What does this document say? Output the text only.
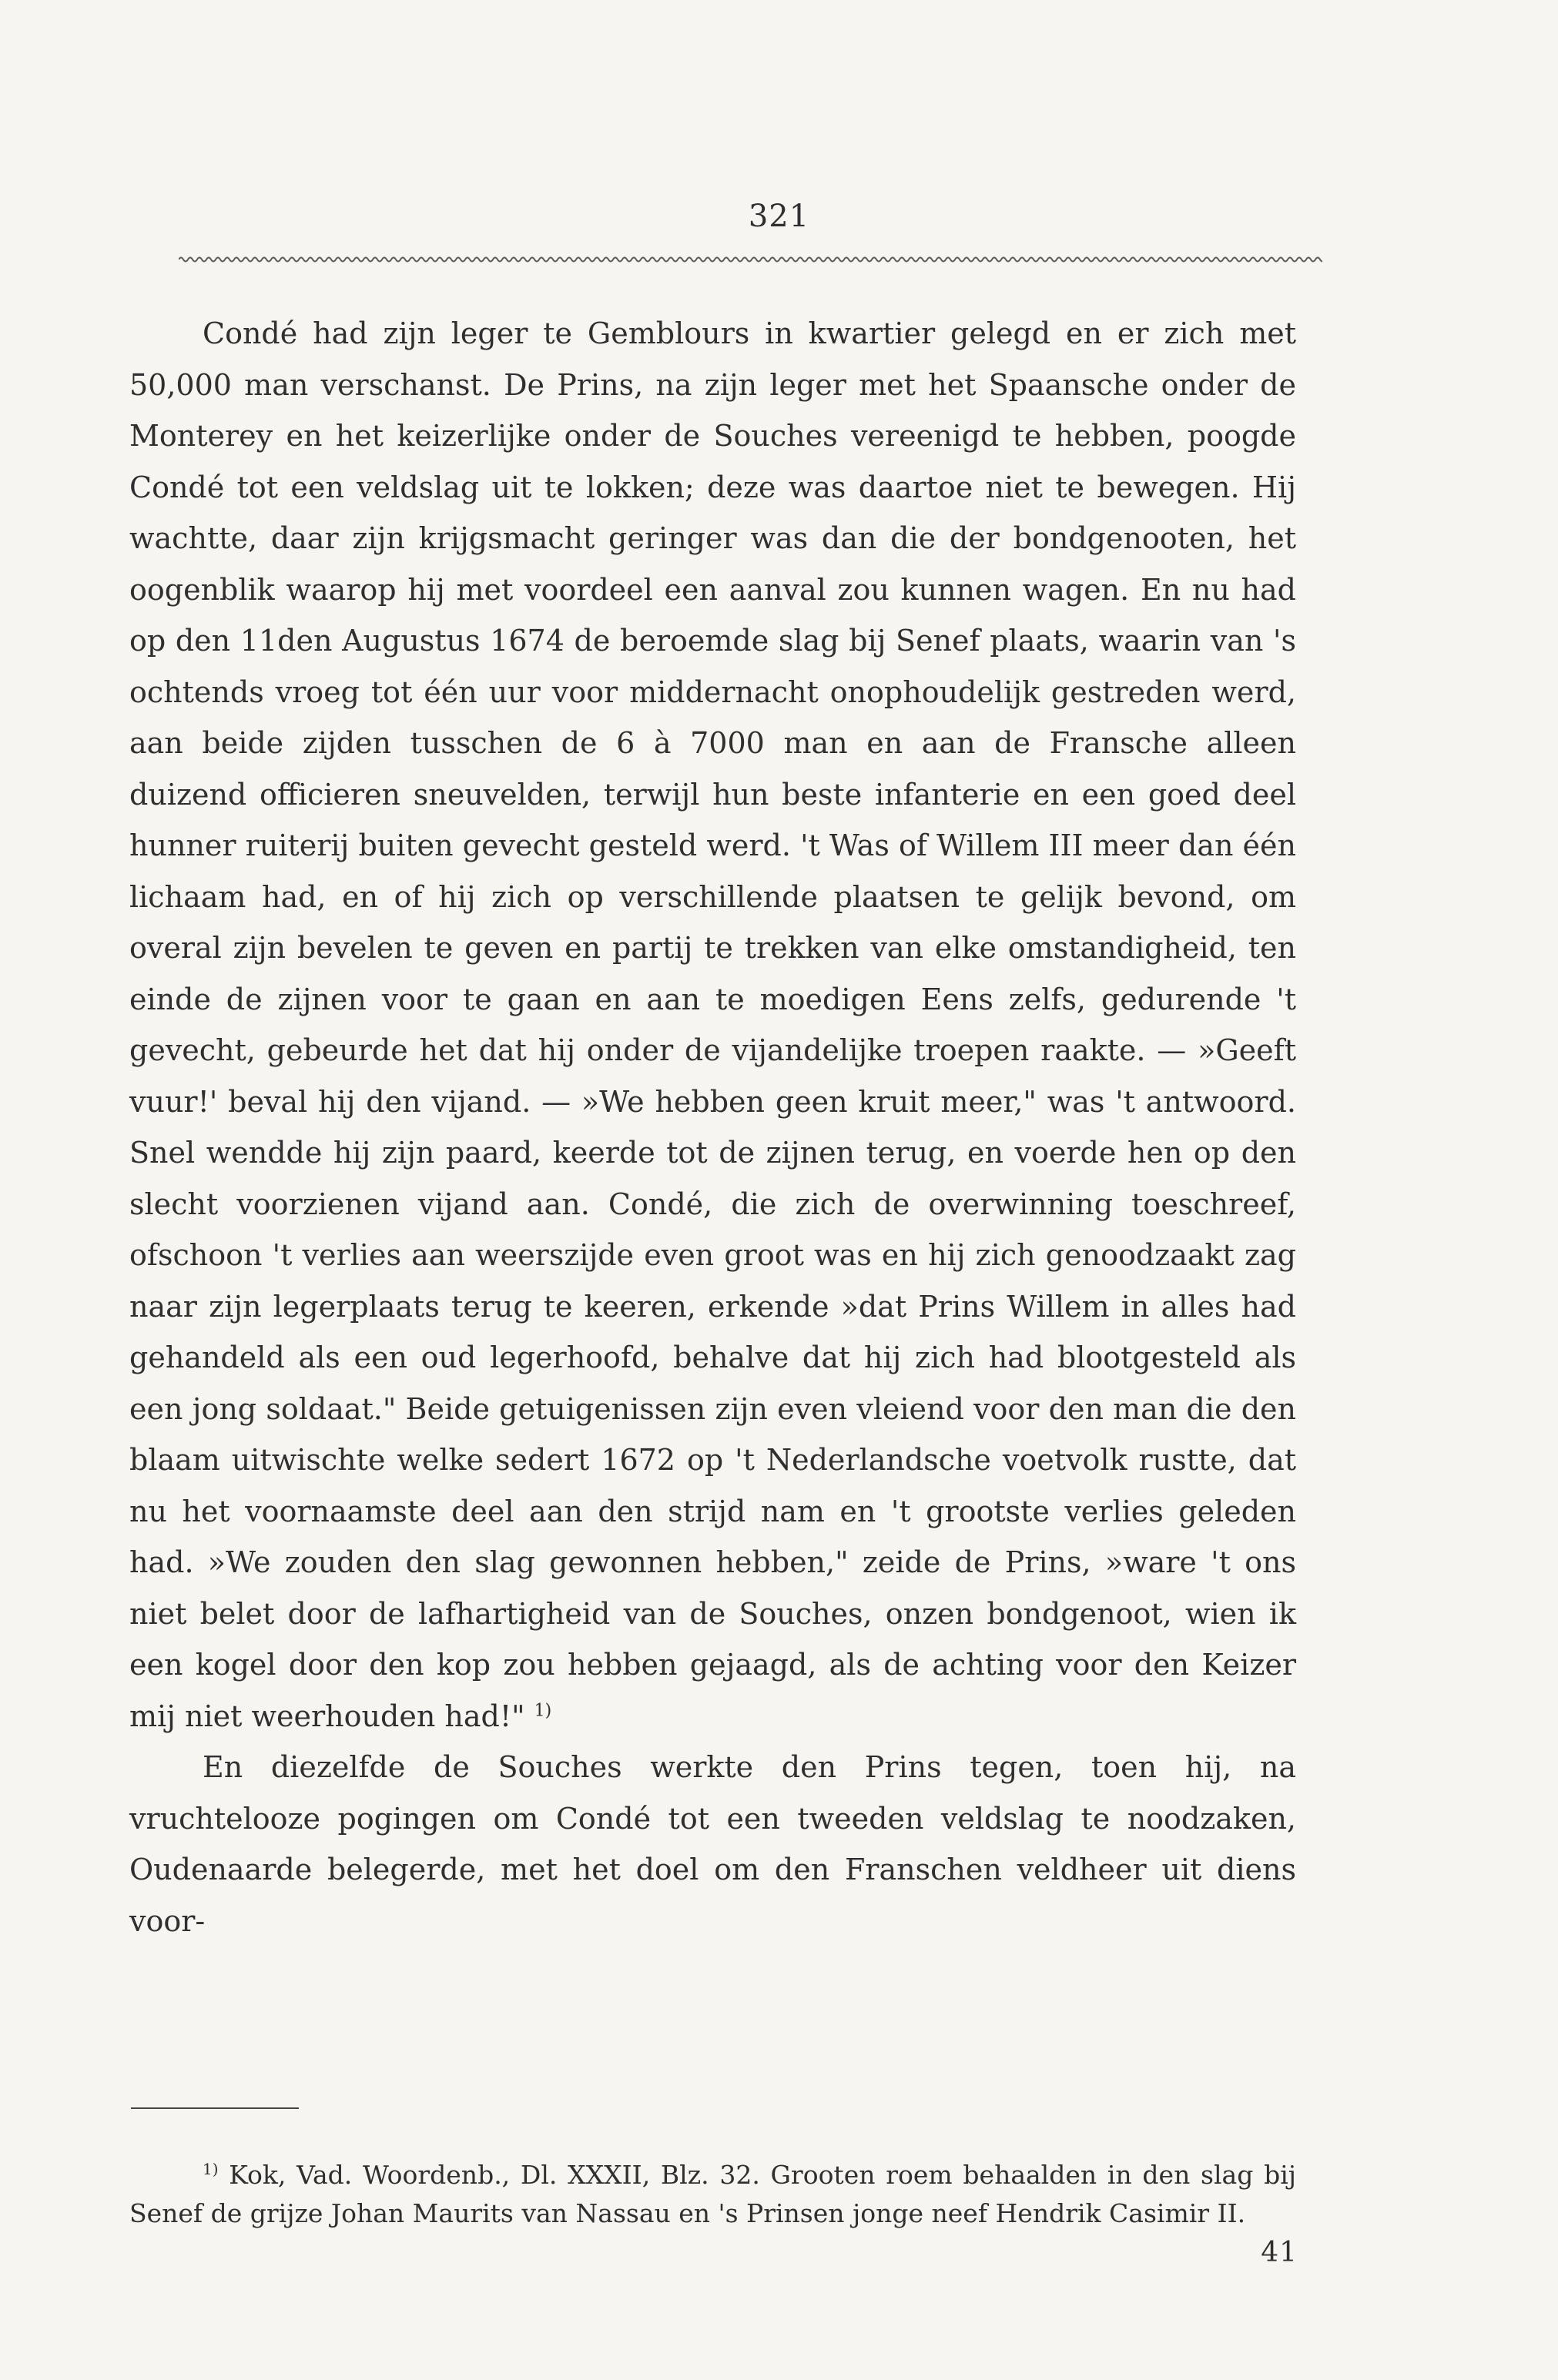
321

Condé had zijn leger te Gemblours in kwartier gelegd en er zich met 50,000 man verschanst. De Prins, na zijn leger met het Spaansche onder de Monterey en het keizerlijke onder de Souches vereenigd te hebben, poogde Condé tot een veldslag uit te lokken; deze was daartoe niet te bewegen. Hij wachtte, daar zijn krijgsmacht geringer was dan die der bondgenooten, het oogenblik waarop hij met voordeel een aanval zou kunnen wagen. En nu had op den 11den Augustus 1674 de beroemde slag bij Senef plaats, waarin van 's ochtends vroeg tot één uur voor middernacht onophoudelijk gestreden werd, aan beide zijden tusschen de 6 à 7000 man en aan de Fransche alleen duizend officieren sneuvelden, terwijl hun beste infanterie en een goed deel hunner ruiterij buiten gevecht gesteld werd. 't Was of Willem III meer dan één lichaam had, en of hij zich op verschillende plaatsen te gelijk bevond, om overal zijn bevelen te geven en partij te trekken van elke omstandigheid, ten einde de zijnen voor te gaan en aan te moedigen Eens zelfs, gedurende 't gevecht, gebeurde het dat hij onder de vijandelijke troepen raakte. — »Geeft vuur!' beval hij den vijand. — »We hebben geen kruit meer," was 't antwoord. Snel wendde hij zijn paard, keerde tot de zijnen terug, en voerde hen op den slecht voorzienen vijand aan. Condé, die zich de overwinning toeschreef, ofschoon 't verlies aan weerszijde even groot was en hij zich genoodzaakt zag naar zijn legerplaats terug te keeren, erkende »dat Prins Willem in alles had gehandeld als een oud legerhoofd, behalve dat hij zich had blootgesteld als een jong soldaat." Beide getuigenissen zijn even vleiend voor den man die den blaam uitwischte welke sedert 1672 op 't Nederlandsche voetvolk rustte, dat nu het voornaamste deel aan den strijd nam en 't grootste verlies geleden had. »We zouden den slag gewonnen hebben," zeide de Prins, »ware 't ons niet belet door de lafhartigheid van de Souches, onzen bondgenoot, wien ik een kogel door den kop zou hebben gejaagd, als de achting voor den Keizer mij niet weerhouden had!" $^{1)}$

En diezelfde de Souches werkte den Prins tegen, toen hij, na vruchtelooze pogingen om Condé tot een tweeden veldslag te noodzaken, Oudenaarde belegerde, met het doel om den Franschen veldheer uit diens voor-

$^{1)}$ Kok, Vad. Woordenb., Dl. XXXII, Blz. 32. Grooten roem behaalden in den slag bij Senef de grijze Johan Maurits van Nassau en 's Prinsen jonge neef Hendrik Casimir II.

41
